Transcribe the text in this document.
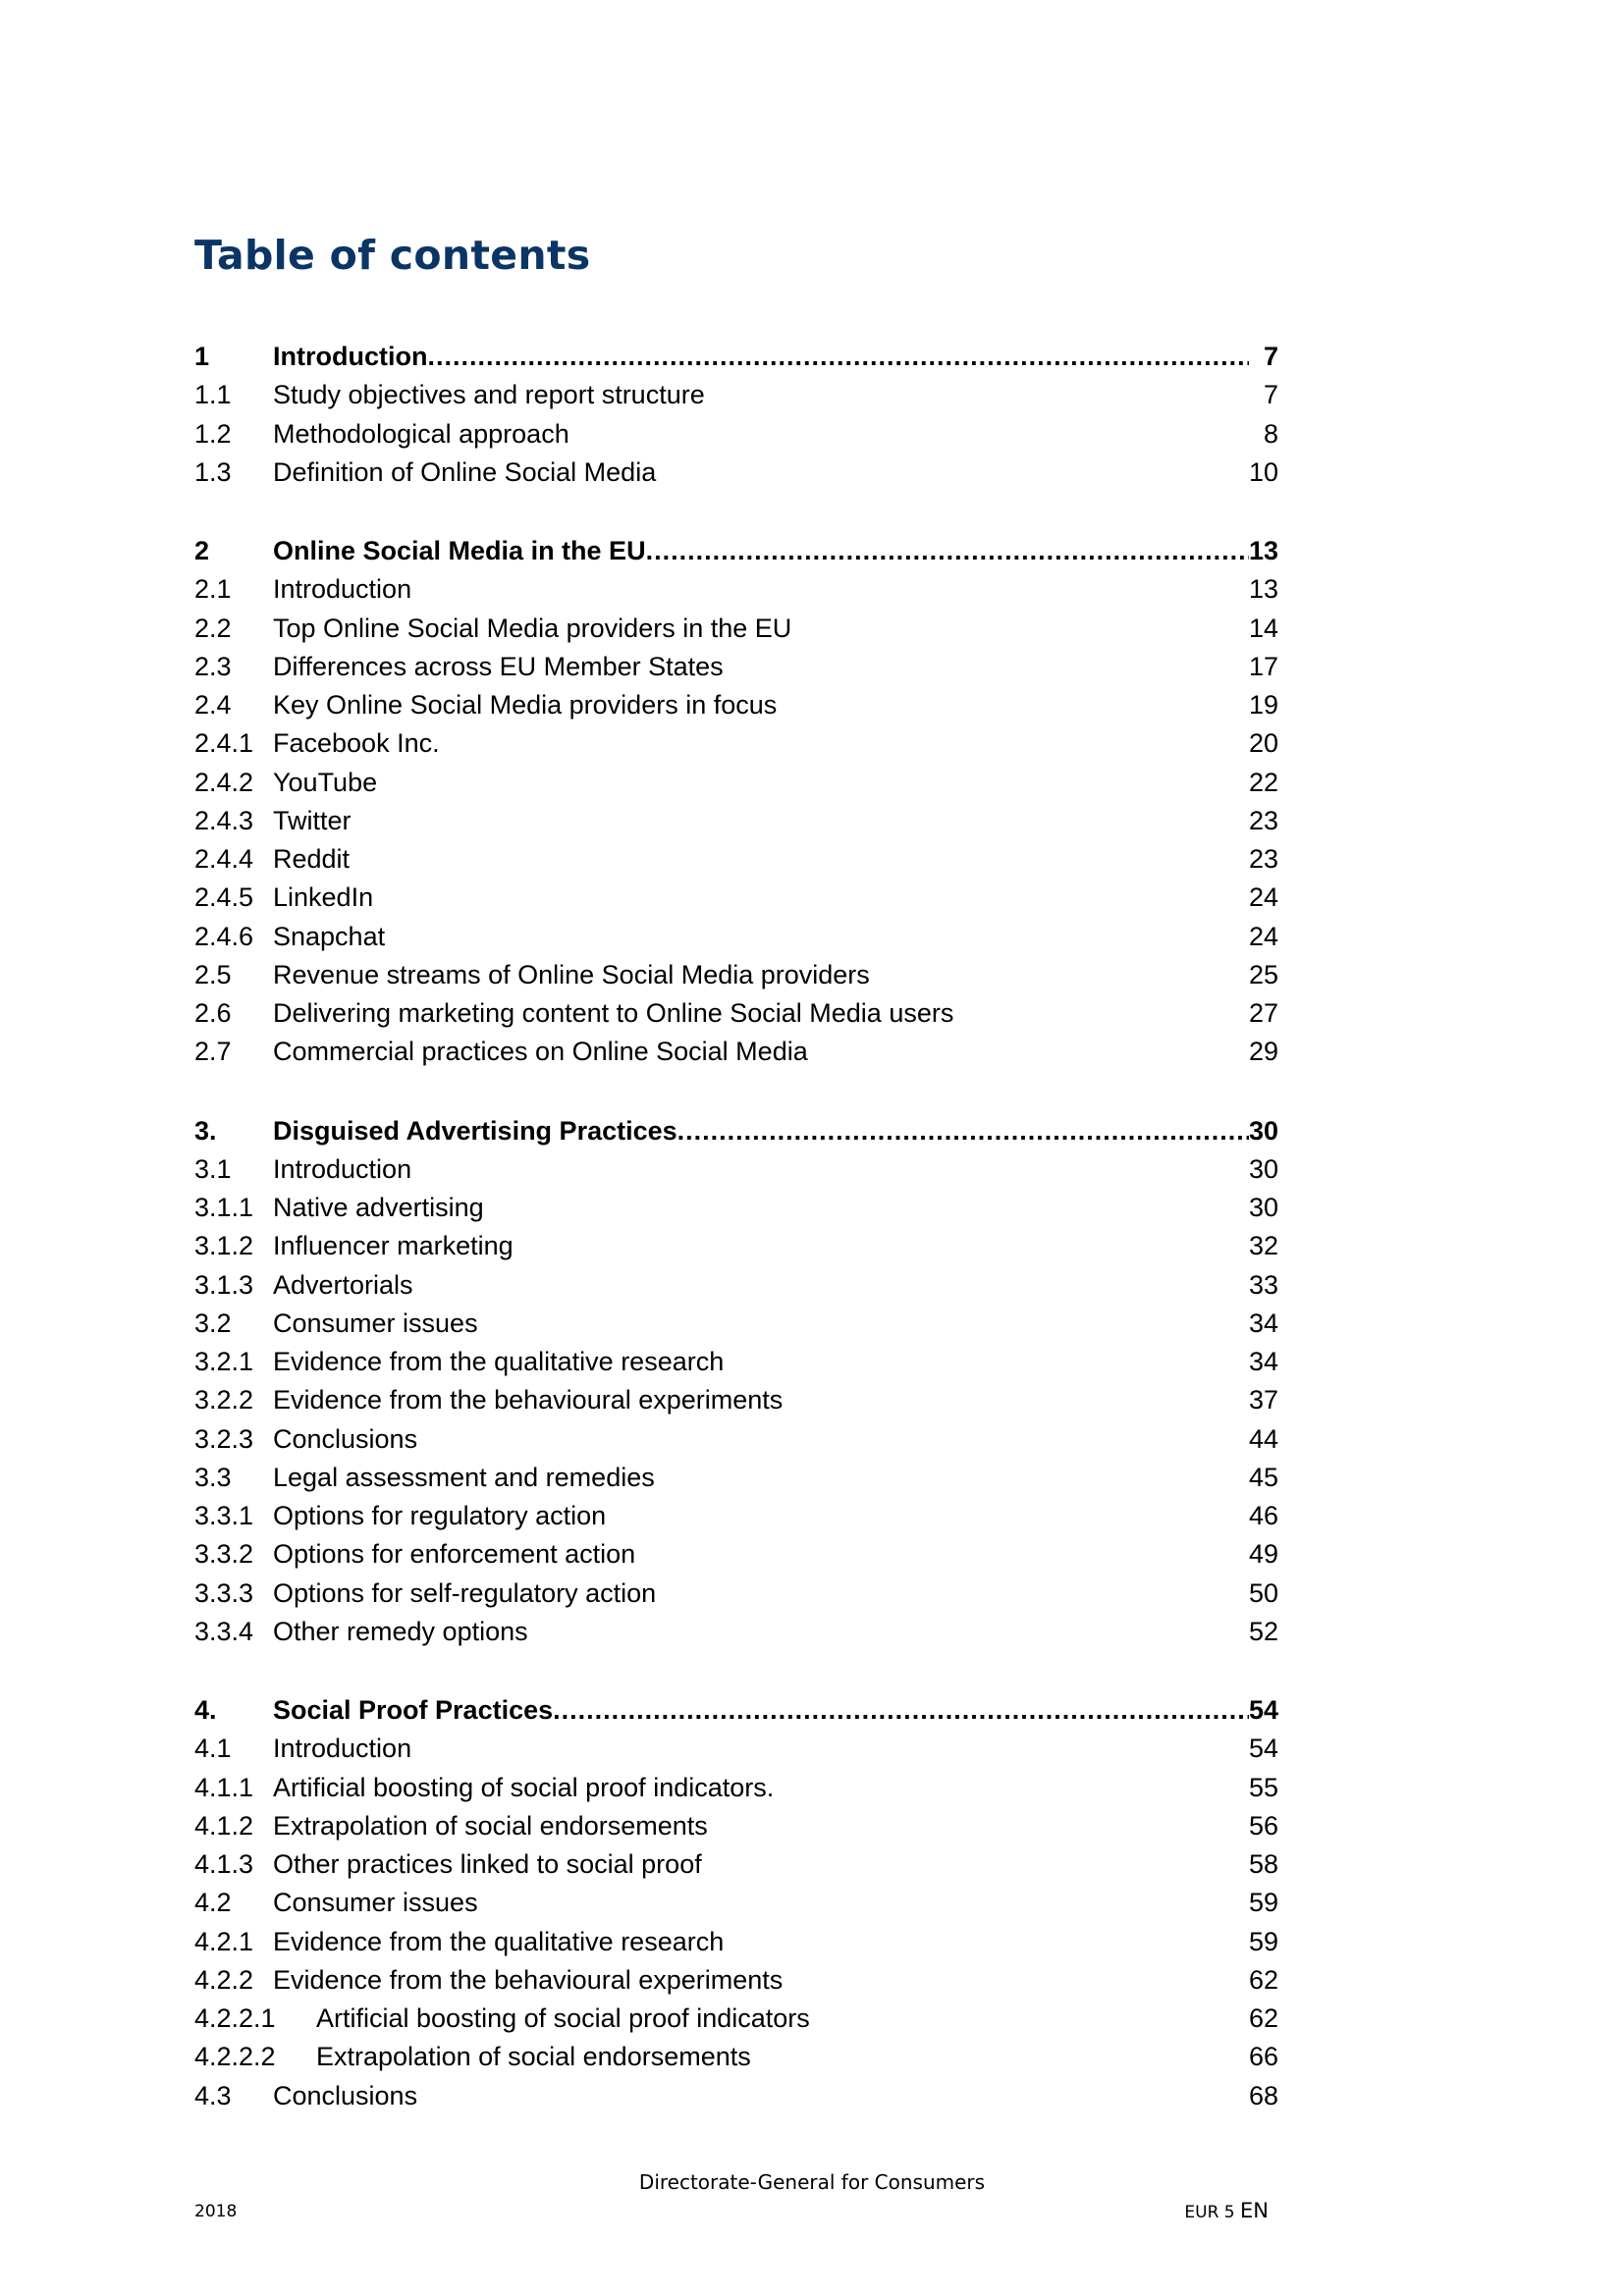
Table of contents
1	Introduction .....	7
1.1	Study objectives and report structure	7
1.2	Methodological approach	8
1.3	Definition of Online Social Media	10
2	Online Social Media in the EU .....	13
2.1	Introduction	13
2.2	Top Online Social Media providers in the EU	14
2.3	Differences across EU Member States	17
2.4	Key Online Social Media providers in focus	19
2.4.1 Facebook Inc.	20
2.4.2 YouTube	22
2.4.3 Twitter	23
2.4.4 Reddit	23
2.4.5 LinkedIn	24
2.4.6 Snapchat	24
2.5	Revenue streams of Online Social Media providers	25
2.6	Delivering marketing content to Online Social Media users	27
2.7	Commercial practices on Online Social Media	29
3.	Disguised Advertising Practices .....	30
3.1	Introduction	30
3.1.1 Native advertising	30
3.1.2 Influencer marketing	32
3.1.3 Advertorials	33
3.2	Consumer issues	34
3.2.1 Evidence from the qualitative research	34
3.2.2 Evidence from the behavioural experiments	37
3.2.3 Conclusions	44
3.3	Legal assessment and remedies	45
3.3.1 Options for regulatory action	46
3.3.2 Options for enforcement action	49
3.3.3 Options for self-regulatory action	50
3.3.4 Other remedy options	52
4.	Social Proof Practices .....	54
4.1	Introduction	54
4.1.1 Artificial boosting of social proof indicators.	55
4.1.2 Extrapolation of social endorsements	56
4.1.3 Other practices linked to social proof	58
4.2	Consumer issues	59
4.2.1 Evidence from the qualitative research	59
4.2.2 Evidence from the behavioural experiments	62
4.2.2.1	Artificial boosting of social proof indicators	62
4.2.2.2	Extrapolation of social endorsements	66
4.3	Conclusions	68
Directorate-General for Consumers
2018	EUR 5 EN
